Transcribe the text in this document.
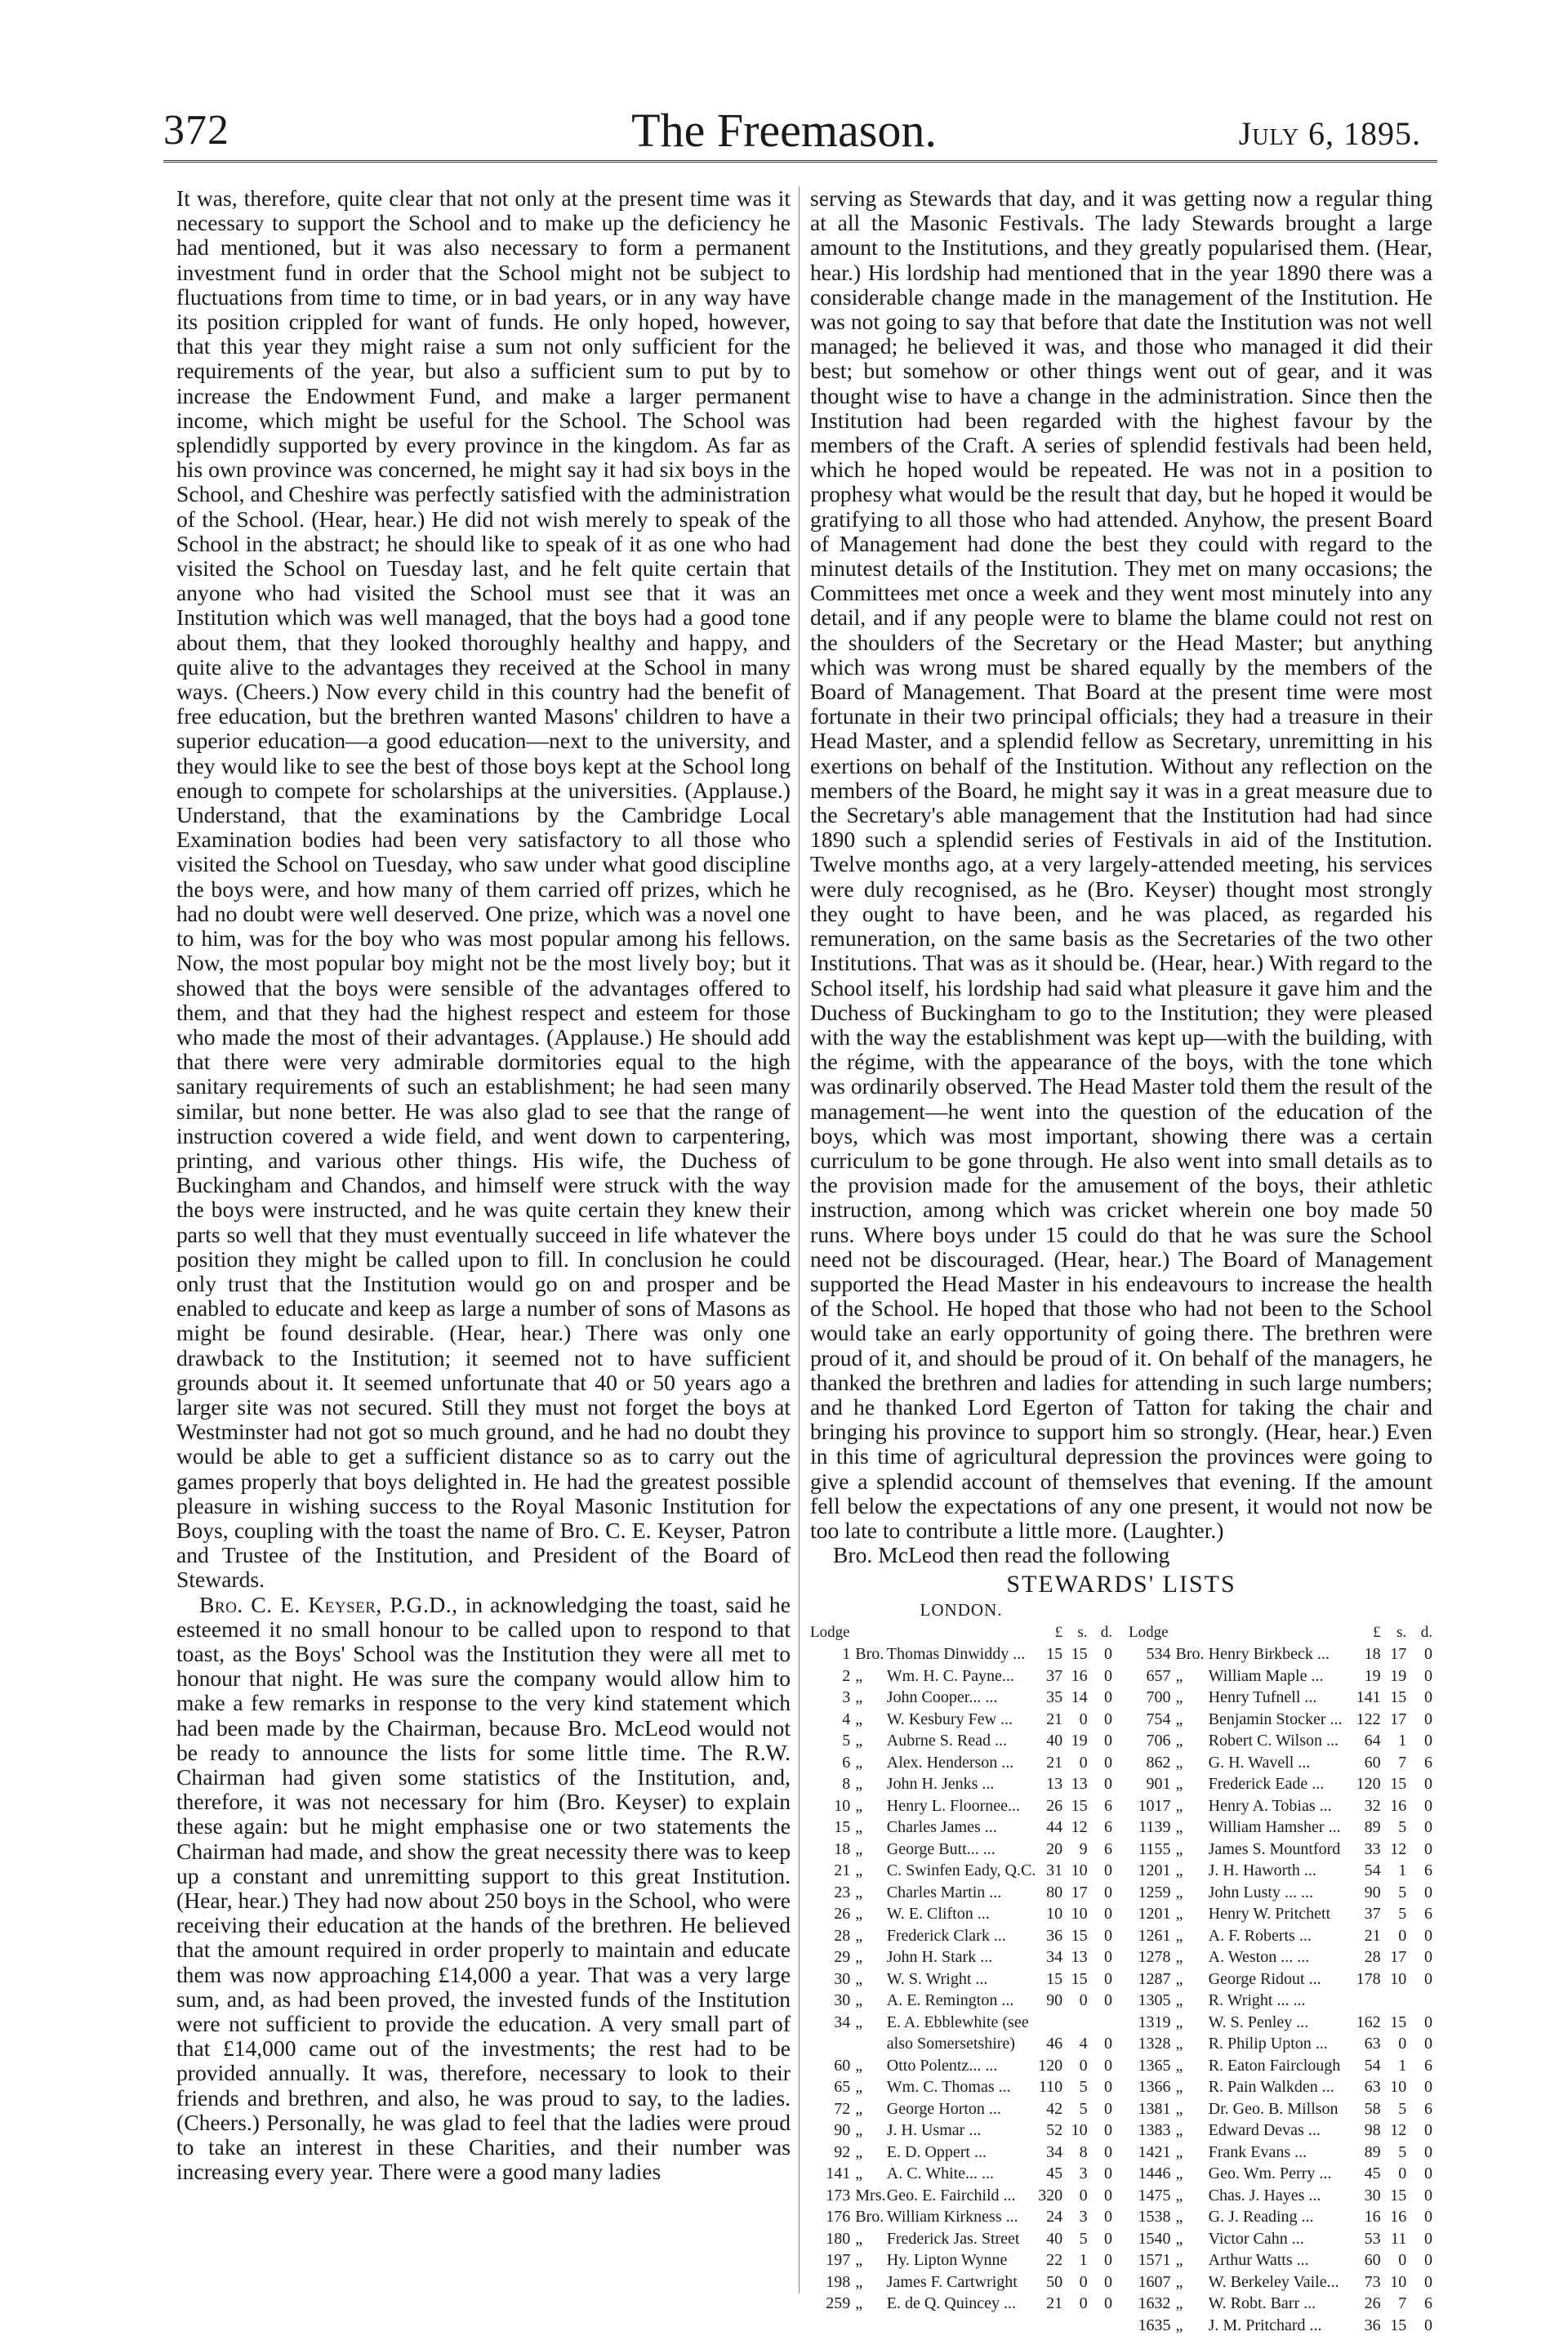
372	The Freemason.	July 6, 1895.

It was, therefore, quite clear that not only at the present time was it necessary to support the School and to make up the deficiency he had mentioned, but it was also necessary to form a permanent investment fund in order that the School might not be subject to fluctuations from time to time, or in bad years, or in any way have its position crippled for want of funds. He only hoped, however, that this year they might raise a sum not only sufficient for the requirements of the year, but also a sufficient sum to put by to increase the Endowment Fund, and make a larger permanent income, which might be useful for the School. The School was splendidly supported by every province in the kingdom. As far as his own province was concerned, he might say it had six boys in the School, and Cheshire was perfectly satisfied with the administration of the School. (Hear, hear.) He did not wish merely to speak of the School in the abstract; he should like to speak of it as one who had visited the School on Tuesday last, and he felt quite certain that anyone who had visited the School must see that it was an Institution which was well managed, that the boys had a good tone about them, that they looked thoroughly healthy and happy, and quite alive to the advantages they received at the School in many ways. (Cheers.) Now every child in this country had the benefit of free education, but the brethren wanted Masons' children to have a superior education—a good education—next to the university, and they would like to see the best of those boys kept at the School long enough to compete for scholarships at the universities. (Applause.) Understand, that the examinations by the Cambridge Local Examination bodies had been very satisfactory to all those who visited the School on Tuesday, who saw under what good discipline the boys were, and how many of them carried off prizes, which he had no doubt were well deserved. One prize, which was a novel one to him, was for the boy who was most popular among his fellows. Now, the most popular boy might not be the most lively boy; but it showed that the boys were sensible of the advantages offered to them, and that they had the highest respect and esteem for those who made the most of their advantages. (Applause.) He should add that there were very admirable dormitories equal to the high sanitary requirements of such an establishment; he had seen many similar, but none better. He was also glad to see that the range of instruction covered a wide field, and went down to carpentering, printing, and various other things. His wife, the Duchess of Buckingham and Chandos, and himself were struck with the way the boys were instructed, and he was quite certain they knew their parts so well that they must eventually succeed in life whatever the position they might be called upon to fill. In conclusion he could only trust that the Institution would go on and prosper and be enabled to educate and keep as large a number of sons of Masons as might be found desirable. (Hear, hear.) There was only one drawback to the Institution; it seemed not to have sufficient grounds about it. It seemed unfortunate that 40 or 50 years ago a larger site was not secured. Still they must not forget the boys at Westminster had not got so much ground, and he had no doubt they would be able to get a sufficient distance so as to carry out the games properly that boys delighted in. He had the greatest possible pleasure in wishing success to the Royal Masonic Institution for Boys, coupling with the toast the name of Bro. C. E. Keyser, Patron and Trustee of the Institution, and President of the Board of Stewards.

Bro. C. E. Keyser, P.G.D., in acknowledging the toast, said he esteemed it no small honour to be called upon to respond to that toast, as the Boys' School was the Institution they were all met to honour that night. He was sure the company would allow him to make a few remarks in response to the very kind statement which had been made by the Chairman, because Bro. McLeod would not be ready to announce the lists for some little time. The R.W. Chairman had given some statistics of the Institution, and, therefore, it was not necessary for him (Bro. Keyser) to explain these again: but he might emphasise one or two statements the Chairman had made, and show the great necessity there was to keep up a constant and unremitting support to this great Institution. (Hear, hear.) They had now about 250 boys in the School, who were receiving their education at the hands of the brethren. He believed that the amount required in order properly to maintain and educate them was now approaching £14,000 a year. That was a very large sum, and, as had been proved, the invested funds of the Institution were not sufficient to provide the education. A very small part of that £14,000 came out of the investments; the rest had to be provided annually. It was, therefore, necessary to look to their friends and brethren, and also, he was proud to say, to the ladies. (Cheers.) Personally, he was glad to feel that the ladies were proud to take an interest in these Charities, and their number was increasing every year. There were a good many ladies

serving as Stewards that day, and it was getting now a regular thing at all the Masonic Festivals. The lady Stewards brought a large amount to the Institutions, and they greatly popularised them. (Hear, hear.) His lordship had mentioned that in the year 1890 there was a considerable change made in the management of the Institution. He was not going to say that before that date the Institution was not well managed; he believed it was, and those who managed it did their best; but somehow or other things went out of gear, and it was thought wise to have a change in the administration. Since then the Institution had been regarded with the highest favour by the members of the Craft. A series of splendid festivals had been held, which he hoped would be repeated. He was not in a position to prophesy what would be the result that day, but he hoped it would be gratifying to all those who had attended. Anyhow, the present Board of Management had done the best they could with regard to the minutest details of the Institution. They met on many occasions; the Committees met once a week and they went most minutely into any detail, and if any people were to blame the blame could not rest on the shoulders of the Secretary or the Head Master; but anything which was wrong must be shared equally by the members of the Board of Management. That Board at the present time were most fortunate in their two principal officials; they had a treasure in their Head Master, and a splendid fellow as Secretary, unremitting in his exertions on behalf of the Institution. Without any reflection on the members of the Board, he might say it was in a great measure due to the Secretary's able management that the Institution had had since 1890 such a splendid series of Festivals in aid of the Institution. Twelve months ago, at a very largely-attended meeting, his services were duly recognised, as he (Bro. Keyser) thought most strongly they ought to have been, and he was placed, as regarded his remuneration, on the same basis as the Secretaries of the two other Institutions. That was as it should be. (Hear, hear.) With regard to the School itself, his lordship had said what pleasure it gave him and the Duchess of Buckingham to go to the Institution; they were pleased with the way the establishment was kept up—with the building, with the régime, with the appearance of the boys, with the tone which was ordinarily observed. The Head Master told them the result of the management—he went into the question of the education of the boys, which was most important, showing there was a certain curriculum to be gone through. He also went into small details as to the provision made for the amusement of the boys, their athletic instruction, among which was cricket wherein one boy made 50 runs. Where boys under 15 could do that he was sure the School need not be discouraged. (Hear, hear.) The Board of Management supported the Head Master in his endeavours to increase the health of the School. He hoped that those who had not been to the School would take an early opportunity of going there. The brethren were proud of it, and should be proud of it. On behalf of the managers, he thanked the brethren and ladies for attending in such large numbers; and he thanked Lord Egerton of Tatton for taking the chair and bringing his province to support him so strongly. (Hear, hear.) Even in this time of agricultural depression the provinces were going to give a splendid account of themselves that evening. If the amount fell below the expectations of any one present, it would not now be too late to contribute a little more. (Laughter.)

Bro. McLeod then read the following

STEWARDS' LISTS
LONDON.
Lodge			£	s.	d.
1	Bro.	Thomas Dinwiddy ...	15	15	0
2	„	Wm. H. C. Payne...	37	16	0
3	„	John Cooper... ...	35	14	0
4	„	W. Kesbury Few ...	21	0	0
5	„	Aubrne S. Read ...	40	19	0
6	„	Alex. Henderson ...	21	0	0
8	„	John H. Jenks ...	13	13	0
10	„	Henry L. Floornee...	26	15	6
15	„	Charles James ...	44	12	6
18	„	George Butt... ...	20	9	6
21	„	C. Swinfen Eady, Q.C.	31	10	0
23	„	Charles Martin ...	80	17	0
26	„	W. E. Clifton ...	10	10	0
28	„	Frederick Clark ...	36	15	0
29	„	John H. Stark ...	34	13	0
30	„	W. S. Wright ...	15	15	0
30	„	A. E. Remington ...	90	0	0
34	„	E. A. Ebblewhite (see			
		also Somersetshire)	46	4	0
60	„	Otto Polentz... ...	120	0	0
65	„	Wm. C. Thomas ...	110	5	0
72	„	George Horton ...	42	5	0
90	„	J. H. Usmar ...	52	10	0
92	„	E. D. Oppert ...	34	8	0
141	„	A. C. White... ...	45	3	0
173	Mrs.	Geo. E. Fairchild ...	320	0	0
176	Bro.	William Kirkness ...	24	3	0
180	„	Frederick Jas. Street	40	5	0
197	„	Hy. Lipton Wynne	22	1	0
198	„	James F. Cartwright	50	0	0
259	„	E. de Q. Quincey ...	21	0	0
Lodge			£	s.	d.
534	Bro.	Henry Birkbeck ...	18	17	0
657	„	William Maple ...	19	19	0
700	„	Henry Tufnell ...	141	15	0
754	„	Benjamin Stocker ...	122	17	0
706	„	Robert C. Wilson ...	64	1	0
862	„	G. H. Wavell ...	60	7	6
901	„	Frederick Eade ...	120	15	0
1017	„	Henry A. Tobias ...	32	16	0
1139	„	William Hamsher ...	89	5	0
1155	„	James S. Mountford	33	12	0
1201	„	J. H. Haworth ...	54	1	6
1259	„	John Lusty ... ...	90	5	0
1201	„	Henry W. Pritchett	37	5	6
1261	„	A. F. Roberts ...	21	0	0
1278	„	A. Weston ... ...	28	17	0
1287	„	George Ridout ...	178	10	0
1305	„	R. Wright ... ...			
1319	„	W. S. Penley ...	162	15	0
1328	„	R. Philip Upton ...	63	0	0
1365	„	R. Eaton Fairclough	54	1	6
1366	„	R. Pain Walkden ...	63	10	0
1381	„	Dr. Geo. B. Millson	58	5	6
1383	„	Edward Devas ...	98	12	0
1421	„	Frank Evans ...	89	5	0
1446	„	Geo. Wm. Perry ...	45	0	0
1475	„	Chas. J. Hayes ...	30	15	0
1538	„	G. J. Reading ...	16	16	0
1540	„	Victor Cahn ...	53	11	0
1571	„	Arthur Watts ...	60	0	0
1607	„	W. Berkeley Vaile...	73	10	0
1632	„	W. Robt. Barr ...	26	7	6
1635	„	J. M. Pritchard ...	36	15	0
